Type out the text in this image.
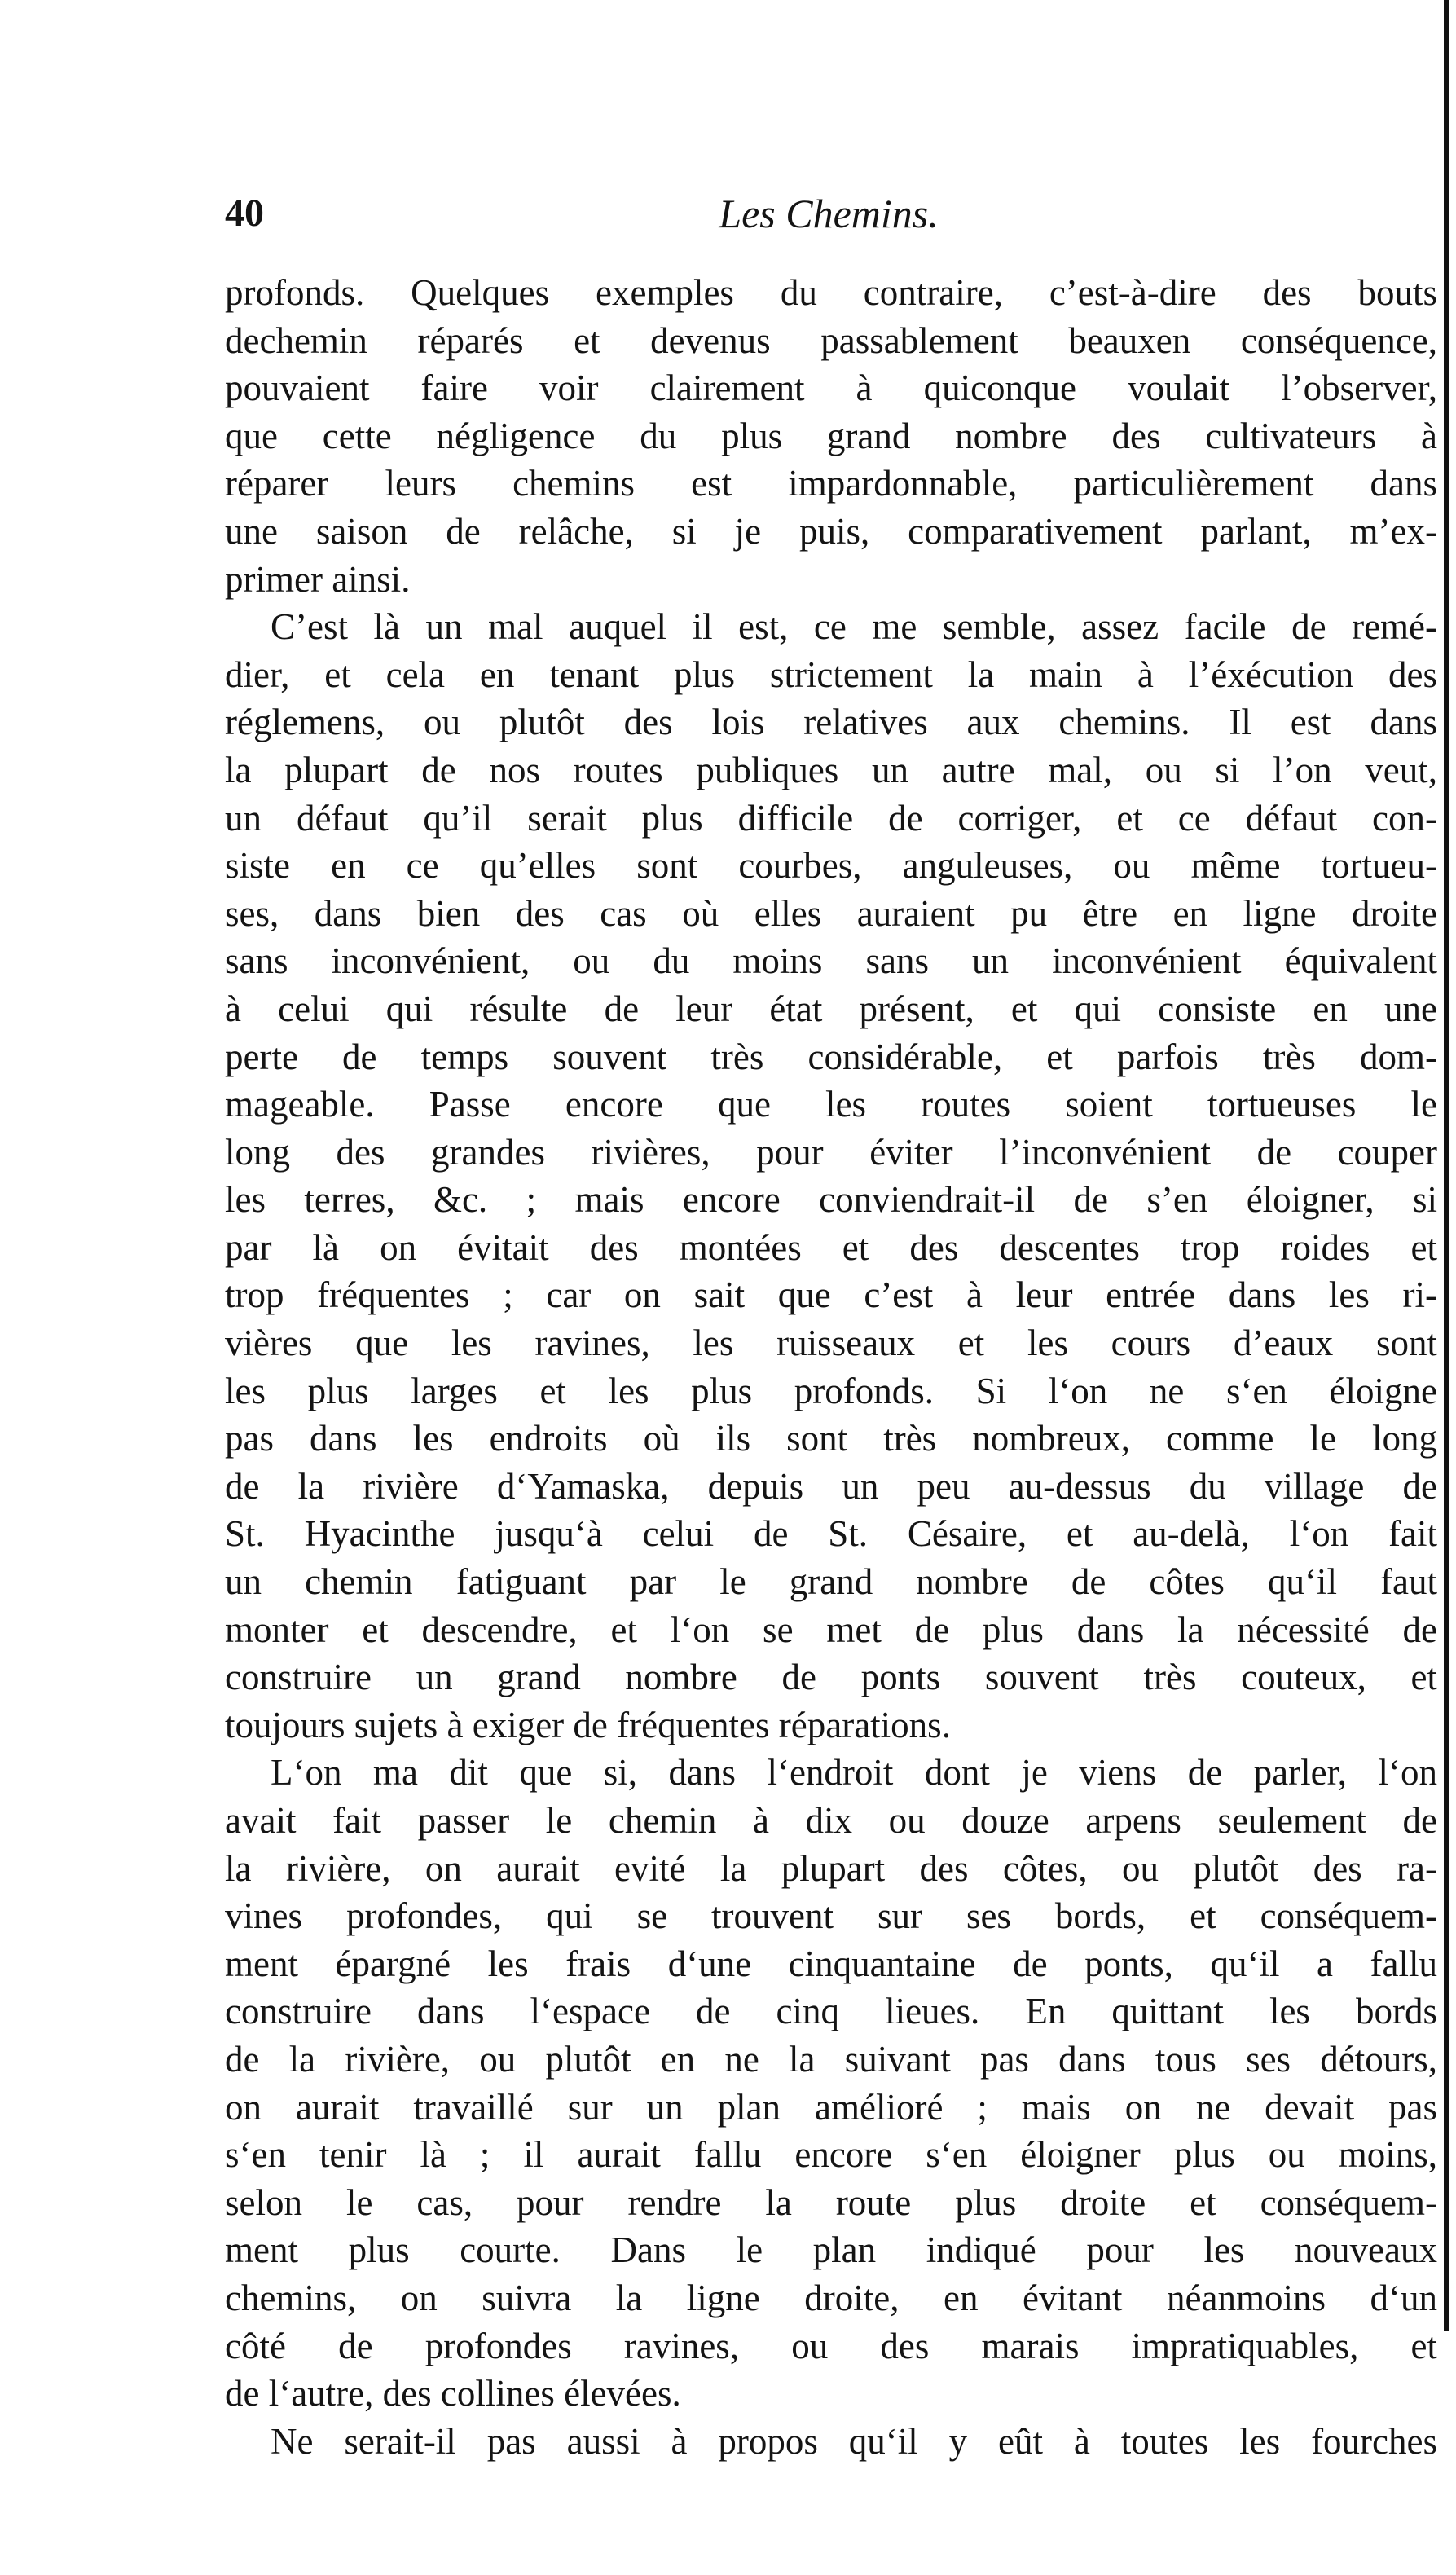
40	Les Chemins.
profonds. Quelques exemples du contraire, c’est-à-dire des bouts
dechemin réparés et devenus passablement beauxen conséquence,
pouvaient faire voir clairement à quiconque voulait l’observer,
que cette négligence du plus grand nombre des cultivateurs à
réparer leurs chemins est impardonnable, particulièrement dans
une saison de relâche, si je puis, comparativement parlant, m’ex-
primer ainsi.
C’est là un mal auquel il est, ce me semble, assez facile de remé-
dier, et cela en tenant plus strictement la main à l’éxécution des
réglemens, ou plutôt des lois relatives aux chemins. Il est dans
la plupart de nos routes publiques un autre mal, ou si l’on veut,
un défaut qu’il serait plus difficile de corriger, et ce défaut con-
siste en ce qu’elles sont courbes, anguleuses, ou même tortueu-
ses, dans bien des cas où elles auraient pu être en ligne droite
sans inconvénient, ou du moins sans un inconvénient équivalent
à celui qui résulte de leur état présent, et qui consiste en une
perte de temps souvent très considérable, et parfois très dom-
mageable. Passe encore que les routes soient tortueuses le
long des grandes rivières, pour éviter l’inconvénient de couper
les terres, &c. ; mais encore conviendrait-il de s’en éloigner, si
par là on évitait des montées et des descentes trop roides et
trop fréquentes ; car on sait que c’est à leur entrée dans les ri-
vières que les ravines, les ruisseaux et les cours d’eaux sont
les plus larges et les plus profonds. Si l‘on ne s‘en éloigne
pas dans les endroits où ils sont très nombreux, comme le long
de la rivière d‘Yamaska, depuis un peu au-dessus du village de
St. Hyacinthe jusqu‘à celui de St. Césaire, et au-delà, l‘on fait
un chemin fatiguant par le grand nombre de côtes qu‘il faut
monter et descendre, et l‘on se met de plus dans la nécessité de
construire un grand nombre de ponts souvent très couteux, et
toujours sujets à exiger de fréquentes réparations.
L‘on ma dit que si, dans l‘endroit dont je viens de parler, l‘on
avait fait passer le chemin à dix ou douze arpens seulement de
la rivière, on aurait evité la plupart des côtes, ou plutôt des ra-
vines profondes, qui se trouvent sur ses bords, et conséquem-
ment épargné les frais d‘une cinquantaine de ponts, qu‘il a fallu
construire dans l‘espace de cinq lieues. En quittant les bords
de la rivière, ou plutôt en ne la suivant pas dans tous ses détours,
on aurait travaillé sur un plan amélioré ; mais on ne devait pas
s‘en tenir là ; il aurait fallu encore s‘en éloigner plus ou moins,
selon le cas, pour rendre la route plus droite et conséquem-
ment plus courte. Dans le plan indiqué pour les nouveaux
chemins, on suivra la ligne droite, en évitant néanmoins d‘un
côté de profondes ravines, ou des marais impratiquables, et
de l‘autre, des collines élevées.
Ne serait-il pas aussi à propos qu‘il y eût à toutes les fourches
